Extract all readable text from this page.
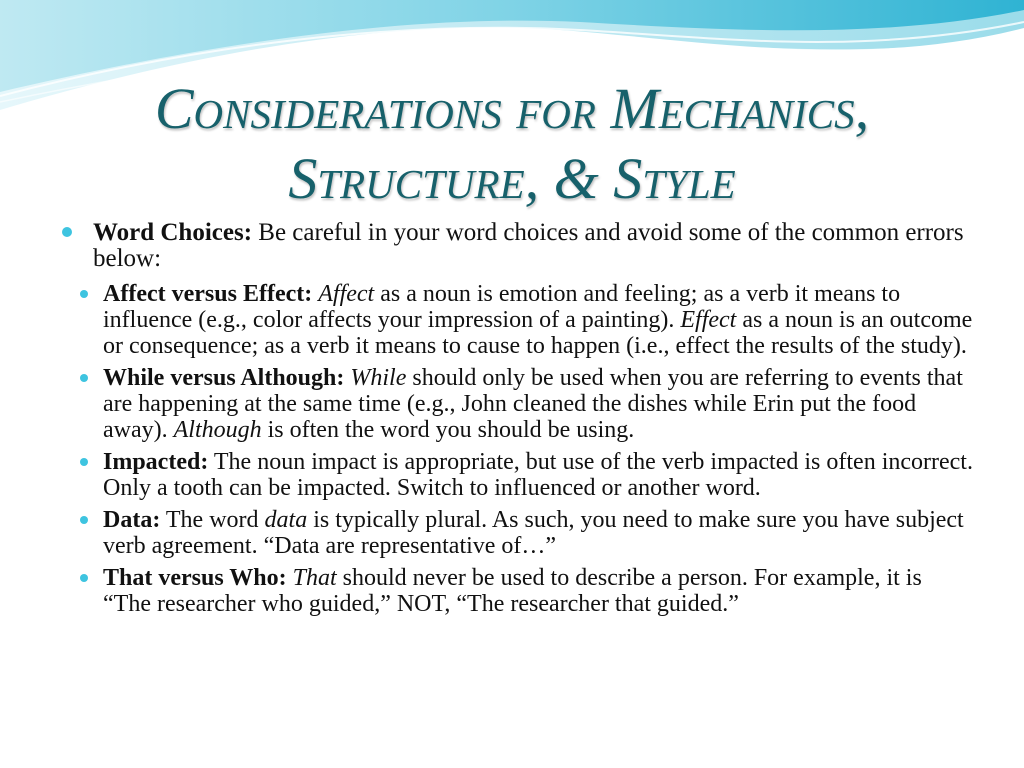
Considerations for Mechanics,
Structure, & Style
Word Choices: Be careful in your word choices and avoid some of the common errors below:
Affect versus Effect: Affect as a noun is emotion and feeling; as a verb it means to influence (e.g., color affects your impression of a painting). Effect as a noun is an outcome or consequence; as a verb it means to cause to happen (i.e., effect the results of the study).
While versus Although: While should only be used when you are referring to events that are happening at the same time (e.g., John cleaned the dishes while Erin put the food away). Although is often the word you should be using.
Impacted: The noun impact is appropriate, but use of the verb impacted is often incorrect. Only a tooth can be impacted. Switch to influenced or another word.
Data: The word data is typically plural. As such, you need to make sure you have subject verb agreement. “Data are representative of…”
That versus Who: That should never be used to describe a person. For example, it is “The researcher who guided,” NOT, “The researcher that guided.”
